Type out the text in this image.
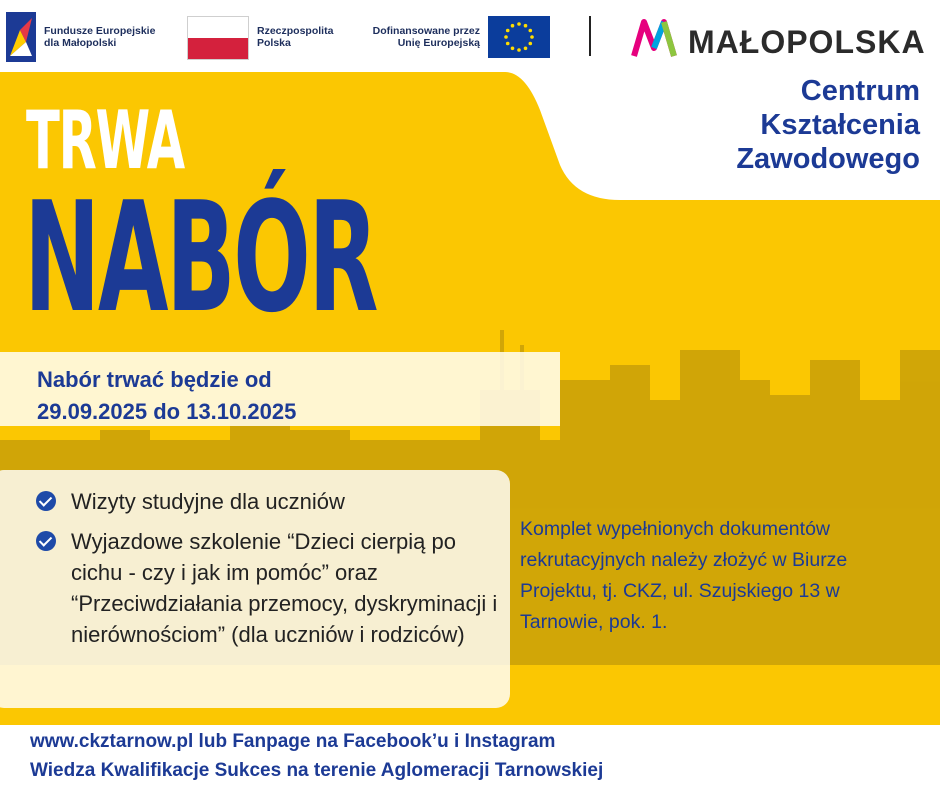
Fundusze Europejskie
dla Małopolski
Rzeczpospolita
Polska
Dofinansowane przez
Unię Europejską	MAŁOPOLSKA
Centrum
Kształcenia
Zawodowego
TRWA
NABÓR
Nabór trwać będzie od
29.09.2025 do 13.10.2025
Wizyty studyjne dla uczniów
Wyjazdowe szkolenie “Dzieci cierpią po cichu - czy i jak im pomóc” oraz “Przeciwdziałania przemocy, dyskryminacji i nierównościom” (dla uczniów i rodziców)
Komplet wypełnionych dokumentów rekrutacyjnych należy złożyć w Biurze Projektu, tj. CKZ, ul. Szujskiego 13 w Tarnowie, pok. 1.
www.ckztarnow.pl lub Fanpage na Facebook’u i Instagram
Wiedza Kwalifikacje Sukces na terenie Aglomeracji Tarnowskiej
